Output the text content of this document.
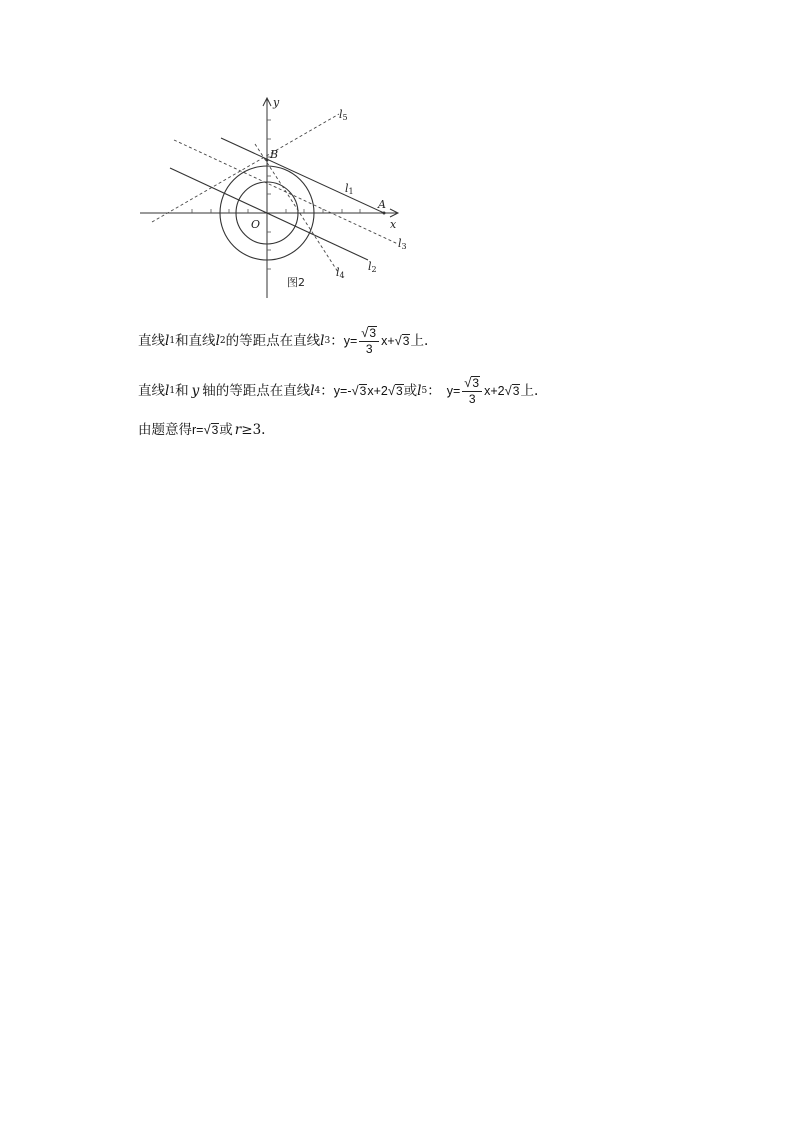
y
x
O
A
B
l1
l2
l3
l4
l5
图2
直线 l 1 和直线 l 2 的等距点在直线 l 3 ： $y= \frac{√ 3}{3} x+$ √ 3 上.
直线 l 1 和 y 轴的等距点在直线 l 4 ： y=- √ 3 x+2 √ 3 或 l 5 ： $y= \frac{√ 3}{3} x+2$ √ 3 上.
由题意得 r= √ 3 或 r ≥3.
